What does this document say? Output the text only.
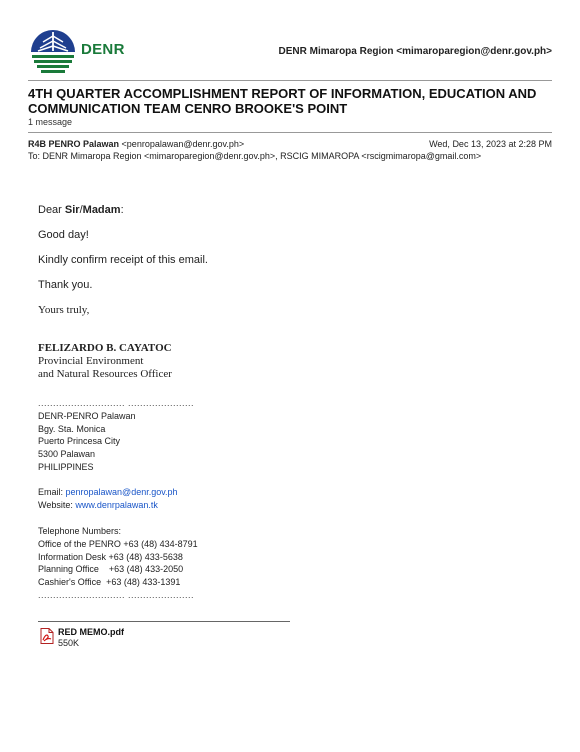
DENR	DENR Mimaropa Region <mimaroparegion@denr.gov.ph>
4TH QUARTER ACCOMPLISHMENT REPORT OF INFORMATION, EDUCATION AND
COMMUNICATION TEAM CENRO BROOKE'S POINT
1 message
R4B PENRO Palawan <penropalawan@denr.gov.ph>	Wed, Dec 13, 2023 at 2:28 PM
To: DENR Mimaropa Region <mimaroparegion@denr.gov.ph>, RSCIG MIMAROPA <rscigmimaropa@gmail.com>
Dear Sir/Madam:
Good day!
Kindly confirm receipt of this email.
Thank you.
Yours truly,
FELIZARDO B. CAYATOC
Provincial Environment
and Natural Resources Officer
............................. ......................
DENR-PENRO Palawan
Bgy. Sta. Monica
Puerto Princesa City
5300 Palawan
PHILIPPINES
Email: penropalawan@denr.gov.ph
Website: www.denrpalawan.tk
Telephone Numbers:
Office of the PENRO +63 (48) 434-8791
Information Desk +63 (48) 433-5638
Planning Office    +63 (48) 433-2050
Cashier's Office  +63 (48) 433-1391
............................. ......................
RED MEMO.pdf
550K
